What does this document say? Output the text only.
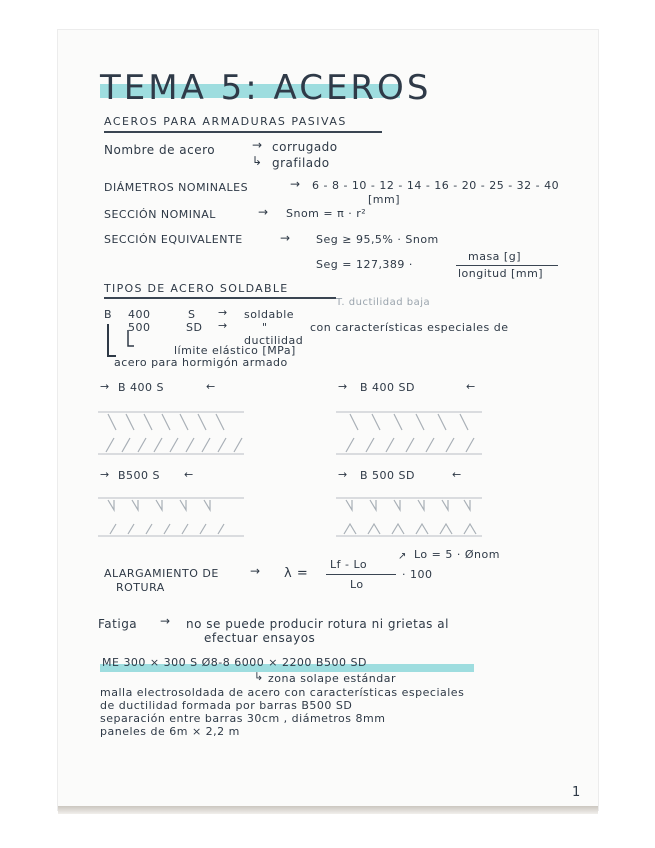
TEMA 5: ACEROS
ACEROS PARA ARMADURAS PASIVAS
Nombre de acero	→ corrugado
↳ grafilado
DIÁMETROS NOMINALES	→ 6 - 8 - 10 - 12 - 14 - 16 - 20 - 25 - 32 - 40
[mm]
SECCIÓN NOMINAL	→ Snom = π · r²
SECCIÓN EQUIVALENTE	→ Seg ≥ 95,5% · Snom
Seg = 127,389 ·
masa [g]
longitud [mm]
TIPOS DE ACERO SOLDABLE
T. ductilidad baja
B 400	S → soldable
500	SD →	"	con características especiales de
ductilidad
límite elástico [MPa]
acero para hormigón armado
→ B 400 S	←	→ B 400 SD	←
→ B500 S ←	→ B 500 SD	←
ALARGAMIENTO DE
ROTURA
→ λ =
Lf - Lo
Lo
· 100
↗ Lo = 5 · Ønom
Fatiga → no se puede producir rotura ni grietas al
efectuar ensayos
ME 300 × 300 S Ø8-8 6000 × 2200 B500 SD
↳ zona solape estándar
malla electrosoldada de acero con características especiales
de ductilidad formada por barras B500 SD
separación entre barras 30cm , diámetros 8mm
paneles de 6m × 2,2 m
1
